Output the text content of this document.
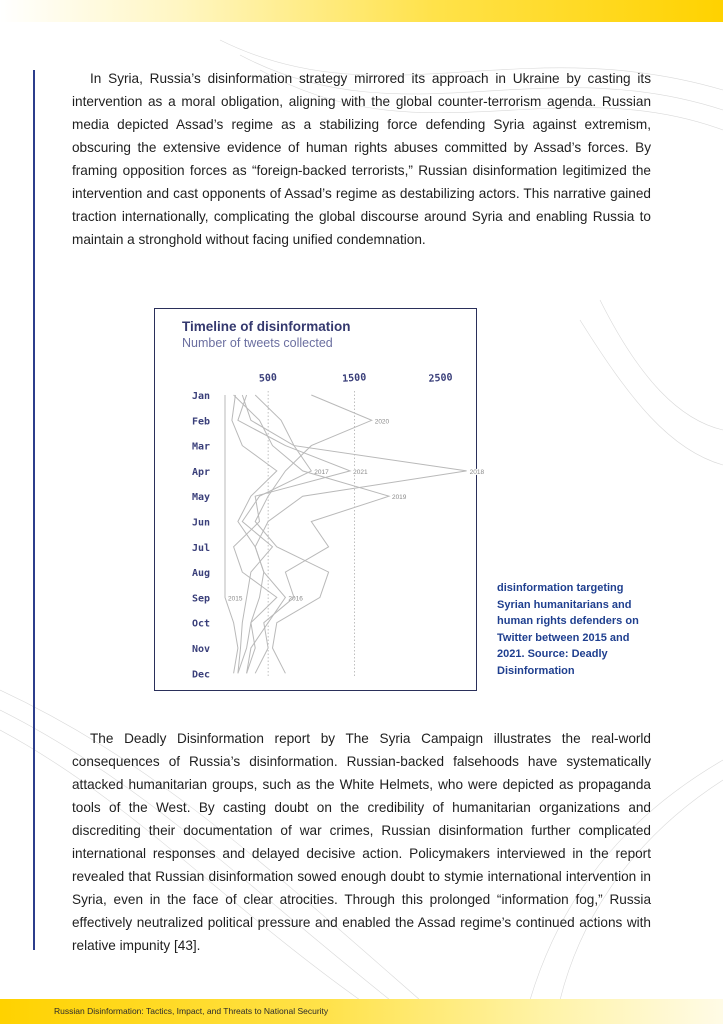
In Syria, Russia’s disinformation strategy mirrored its approach in Ukraine by casting its intervention as a moral obligation, aligning with the global counter-terrorism agenda. Russian media depicted Assad’s regime as a stabilizing force defending Syria against extremism, obscuring the extensive evidence of human rights abuses committed by Assad’s forces. By framing opposition forces as “foreign-backed terrorists,” Russian disinformation legitimized the intervention and cast opponents of Assad’s regime as destabilizing actors. This narrative gained traction internationally, complicating the global discourse around Syria and enabling Russia to maintain a stronghold without facing unified condemnation.

Timeline of disinformation
Number of tweets collected
500	1500	2500
Jan
Feb
Mar
Apr
May
Jun
Jul
Aug
Sep
Oct
Nov
Dec
2015	2016
2017	2018
2019
2020
2021
disinformation targeting Syrian humanitarians and human rights defenders on Twitter between 2015 and 2021. Source: Deadly Disinformation

The Deadly Disinformation report by The Syria Campaign illustrates the real-world consequences of Russia’s disinformation. Russian-backed falsehoods have systematically attacked humanitarian groups, such as the White Helmets, who were depicted as propaganda tools of the West. By casting doubt on the credibility of humanitarian organizations and discrediting their documentation of war crimes, Russian disinformation further complicated international responses and delayed decisive action. Policymakers interviewed in the report revealed that Russian disinformation sowed enough doubt to stymie international intervention in Syria, even in the face of clear atrocities. Through this prolonged “information fog,” Russia effectively neutralized political pressure and enabled the Assad regime’s continued actions with relative impunity [43].

Russian Disinformation: Tactics, Impact, and Threats to National Security
